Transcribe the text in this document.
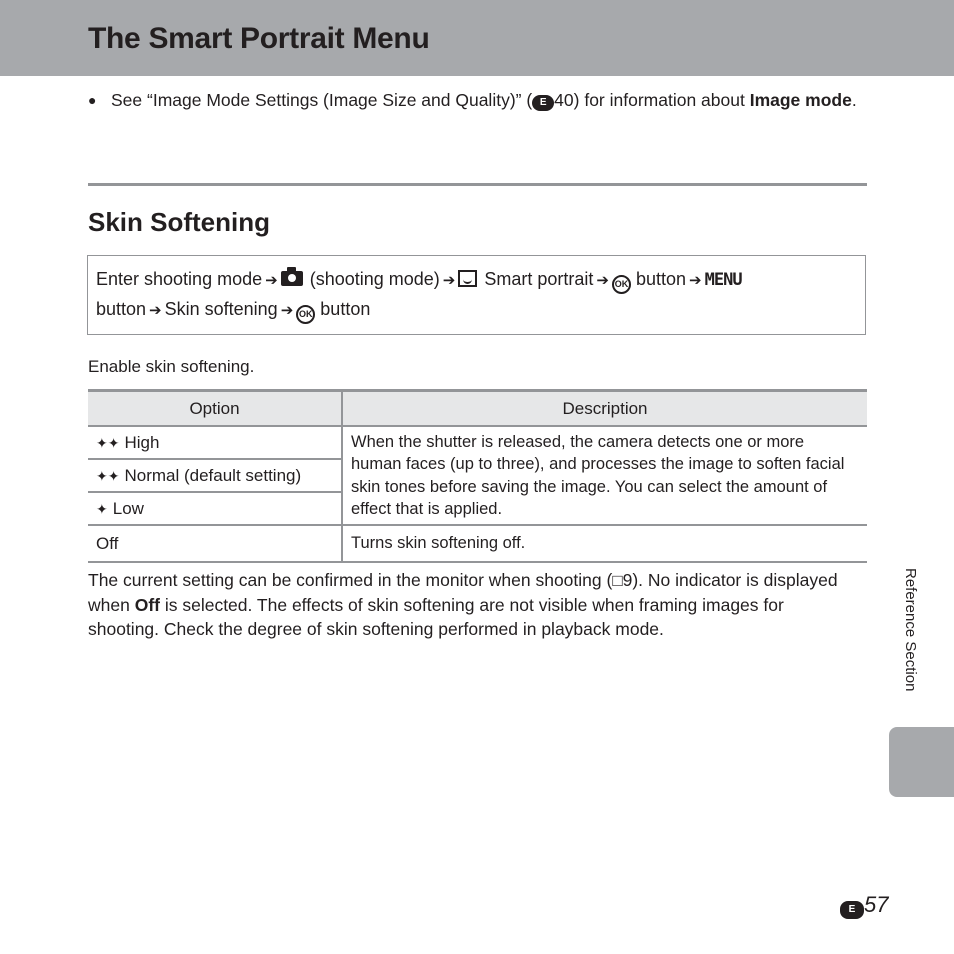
The Smart Portrait Menu
● See “Image Mode Settings (Image Size and Quality)” ( E 40) for information about Image mode.
Skin Softening
Enter shooting mode ➔ (shooting mode) ➔ Smart portrait ➔ OK button ➔ MENU
button ➔ Skin softening ➔ OK button
Enable skin softening.
Option	Description
✦✦ High	When the shutter is released, the camera detects one or more human faces (up to three), and processes the image to soften facial skin tones before saving the image. You can select the amount of effect that is applied.
✦✦ Normal (default setting)	
✦ Low	
Off	Turns skin softening off.
The current setting can be confirmed in the monitor when shooting (□9). No indicator is displayed when Off is selected. The effects of skin softening are not visible when framing images for shooting. Check the degree of skin softening performed in playback mode.	Reference Section
E 57
